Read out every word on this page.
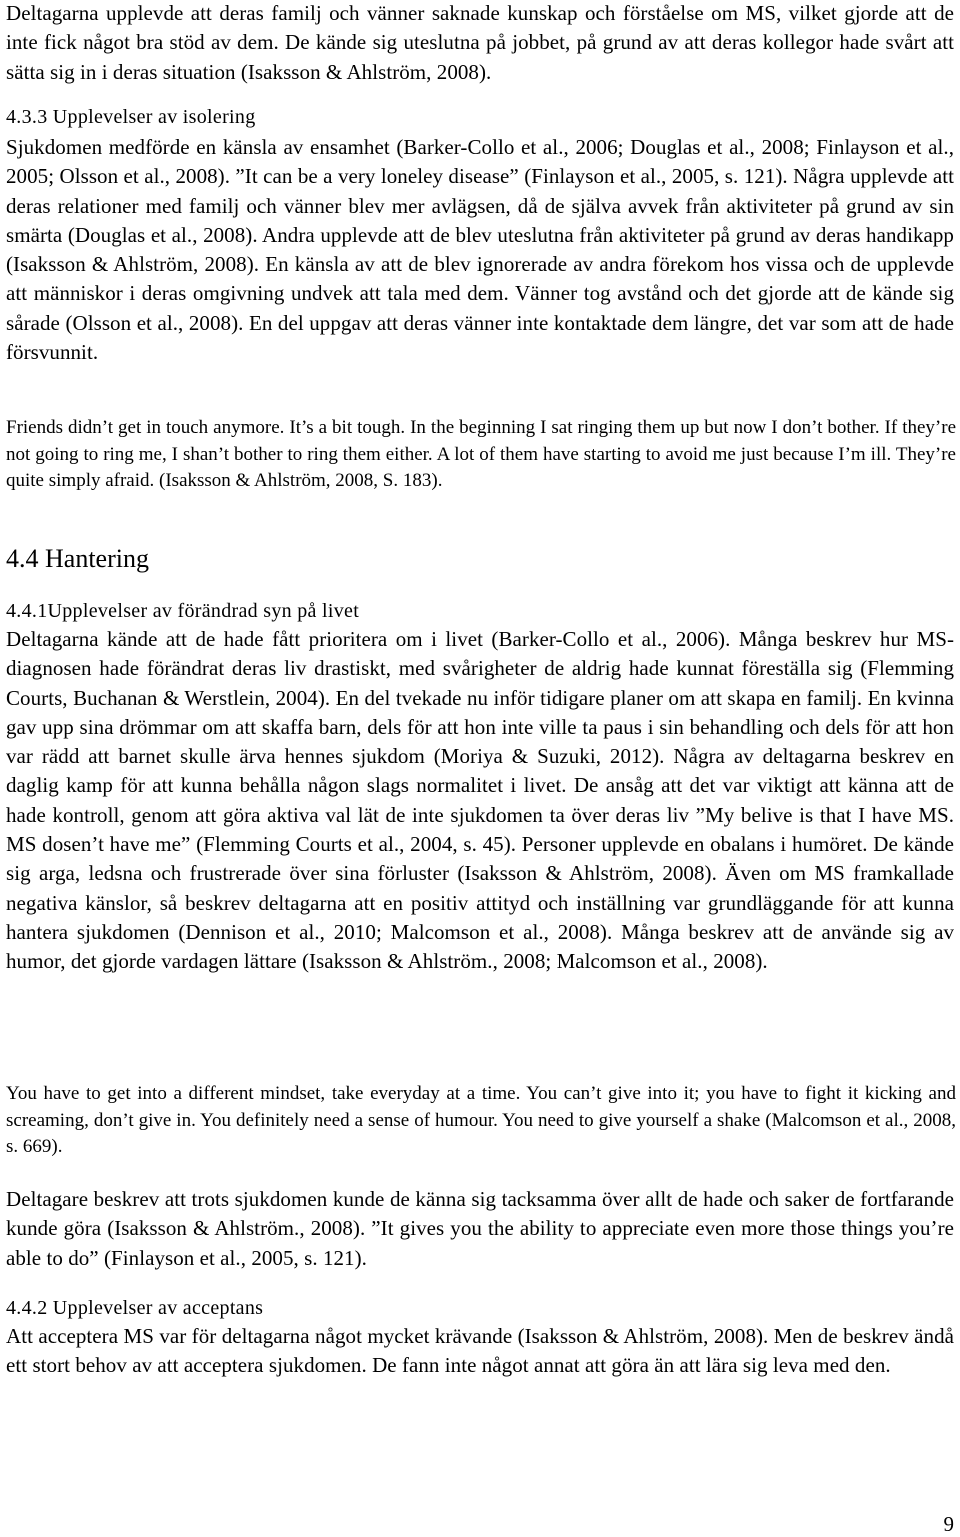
Deltagarna upplevde att deras familj och vänner saknade kunskap och förståelse om MS, vilket gjorde att de inte fick något bra stöd av dem. De kände sig uteslutna på jobbet, på grund av att deras kollegor hade svårt att sätta sig in i deras situation (Isaksson & Ahlström, 2008).
4.3.3 Upplevelser av isolering
Sjukdomen medförde en känsla av ensamhet (Barker-Collo et al., 2006; Douglas et al., 2008; Finlayson et al., 2005; Olsson et al., 2008). ”It can be a very loneley disease” (Finlayson et al., 2005, s. 121). Några upplevde att deras relationer med familj och vänner blev mer avlägsen, då de själva avvek från aktiviteter på grund av sin smärta (Douglas et al., 2008). Andra upplevde att de blev uteslutna från aktiviteter på grund av deras handikapp (Isaksson & Ahlström, 2008). En känsla av att de blev ignorerade av andra förekom hos vissa och de upplevde att människor i deras omgivning undvek att tala med dem. Vänner tog avstånd och det gjorde att de kände sig sårade (Olsson et al., 2008). En del uppgav att deras vänner inte kontaktade dem längre, det var som att de hade försvunnit.
Friends didn’t get in touch anymore. It’s a bit tough. In the beginning I sat ringing them up but now I don’t bother. If they’re not going to ring me, I shan’t bother to ring them either. A lot of them have starting to avoid me just because I’m ill. They’re quite simply afraid. (Isaksson & Ahlström, 2008, S. 183).
4.4 Hantering
4.4.1Upplevelser av förändrad syn på livet
Deltagarna kände att de hade fått prioritera om i livet (Barker-Collo et al., 2006). Många beskrev hur MS-diagnosen hade förändrat deras liv drastiskt, med svårigheter de aldrig hade kunnat föreställa sig (Flemming Courts, Buchanan & Werstlein, 2004). En del tvekade nu inför tidigare planer om att skapa en familj. En kvinna gav upp sina drömmar om att skaffa barn, dels för att hon inte ville ta paus i sin behandling och dels för att hon var rädd att barnet skulle ärva hennes sjukdom (Moriya & Suzuki, 2012). Några av deltagarna beskrev en daglig kamp för att kunna behålla någon slags normalitet i livet. De ansåg att det var viktigt att känna att de hade kontroll, genom att göra aktiva val lät de inte sjukdomen ta över deras liv ”My belive is that I have MS. MS dosen’t have me” (Flemming Courts et al., 2004, s. 45). Personer upplevde en obalans i humöret. De kände sig arga, ledsna och frustrerade över sina förluster (Isaksson & Ahlström, 2008). Även om MS framkallade negativa känslor, så beskrev deltagarna att en positiv attityd och inställning var grundläggande för att kunna hantera sjukdomen (Dennison et al., 2010; Malcomson et al., 2008). Många beskrev att de använde sig av humor, det gjorde vardagen lättare (Isaksson & Ahlström., 2008; Malcomson et al., 2008).
You have to get into a different mindset, take everyday at a time. You can’t give into it; you have to fight it kicking and screaming, don’t give in. You definitely need a sense of humour. You need to give yourself a shake (Malcomson et al., 2008, s. 669).
Deltagare beskrev att trots sjukdomen kunde de känna sig tacksamma över allt de hade och saker de fortfarande kunde göra (Isaksson & Ahlström., 2008). ”It gives you the ability to appreciate even more those things you’re able to do” (Finlayson et al., 2005, s. 121).
4.4.2 Upplevelser av acceptans
Att acceptera MS var för deltagarna något mycket krävande (Isaksson & Ahlström, 2008). Men de beskrev ändå ett stort behov av att acceptera sjukdomen. De fann inte något annat att göra än att lära sig leva med den.
9
